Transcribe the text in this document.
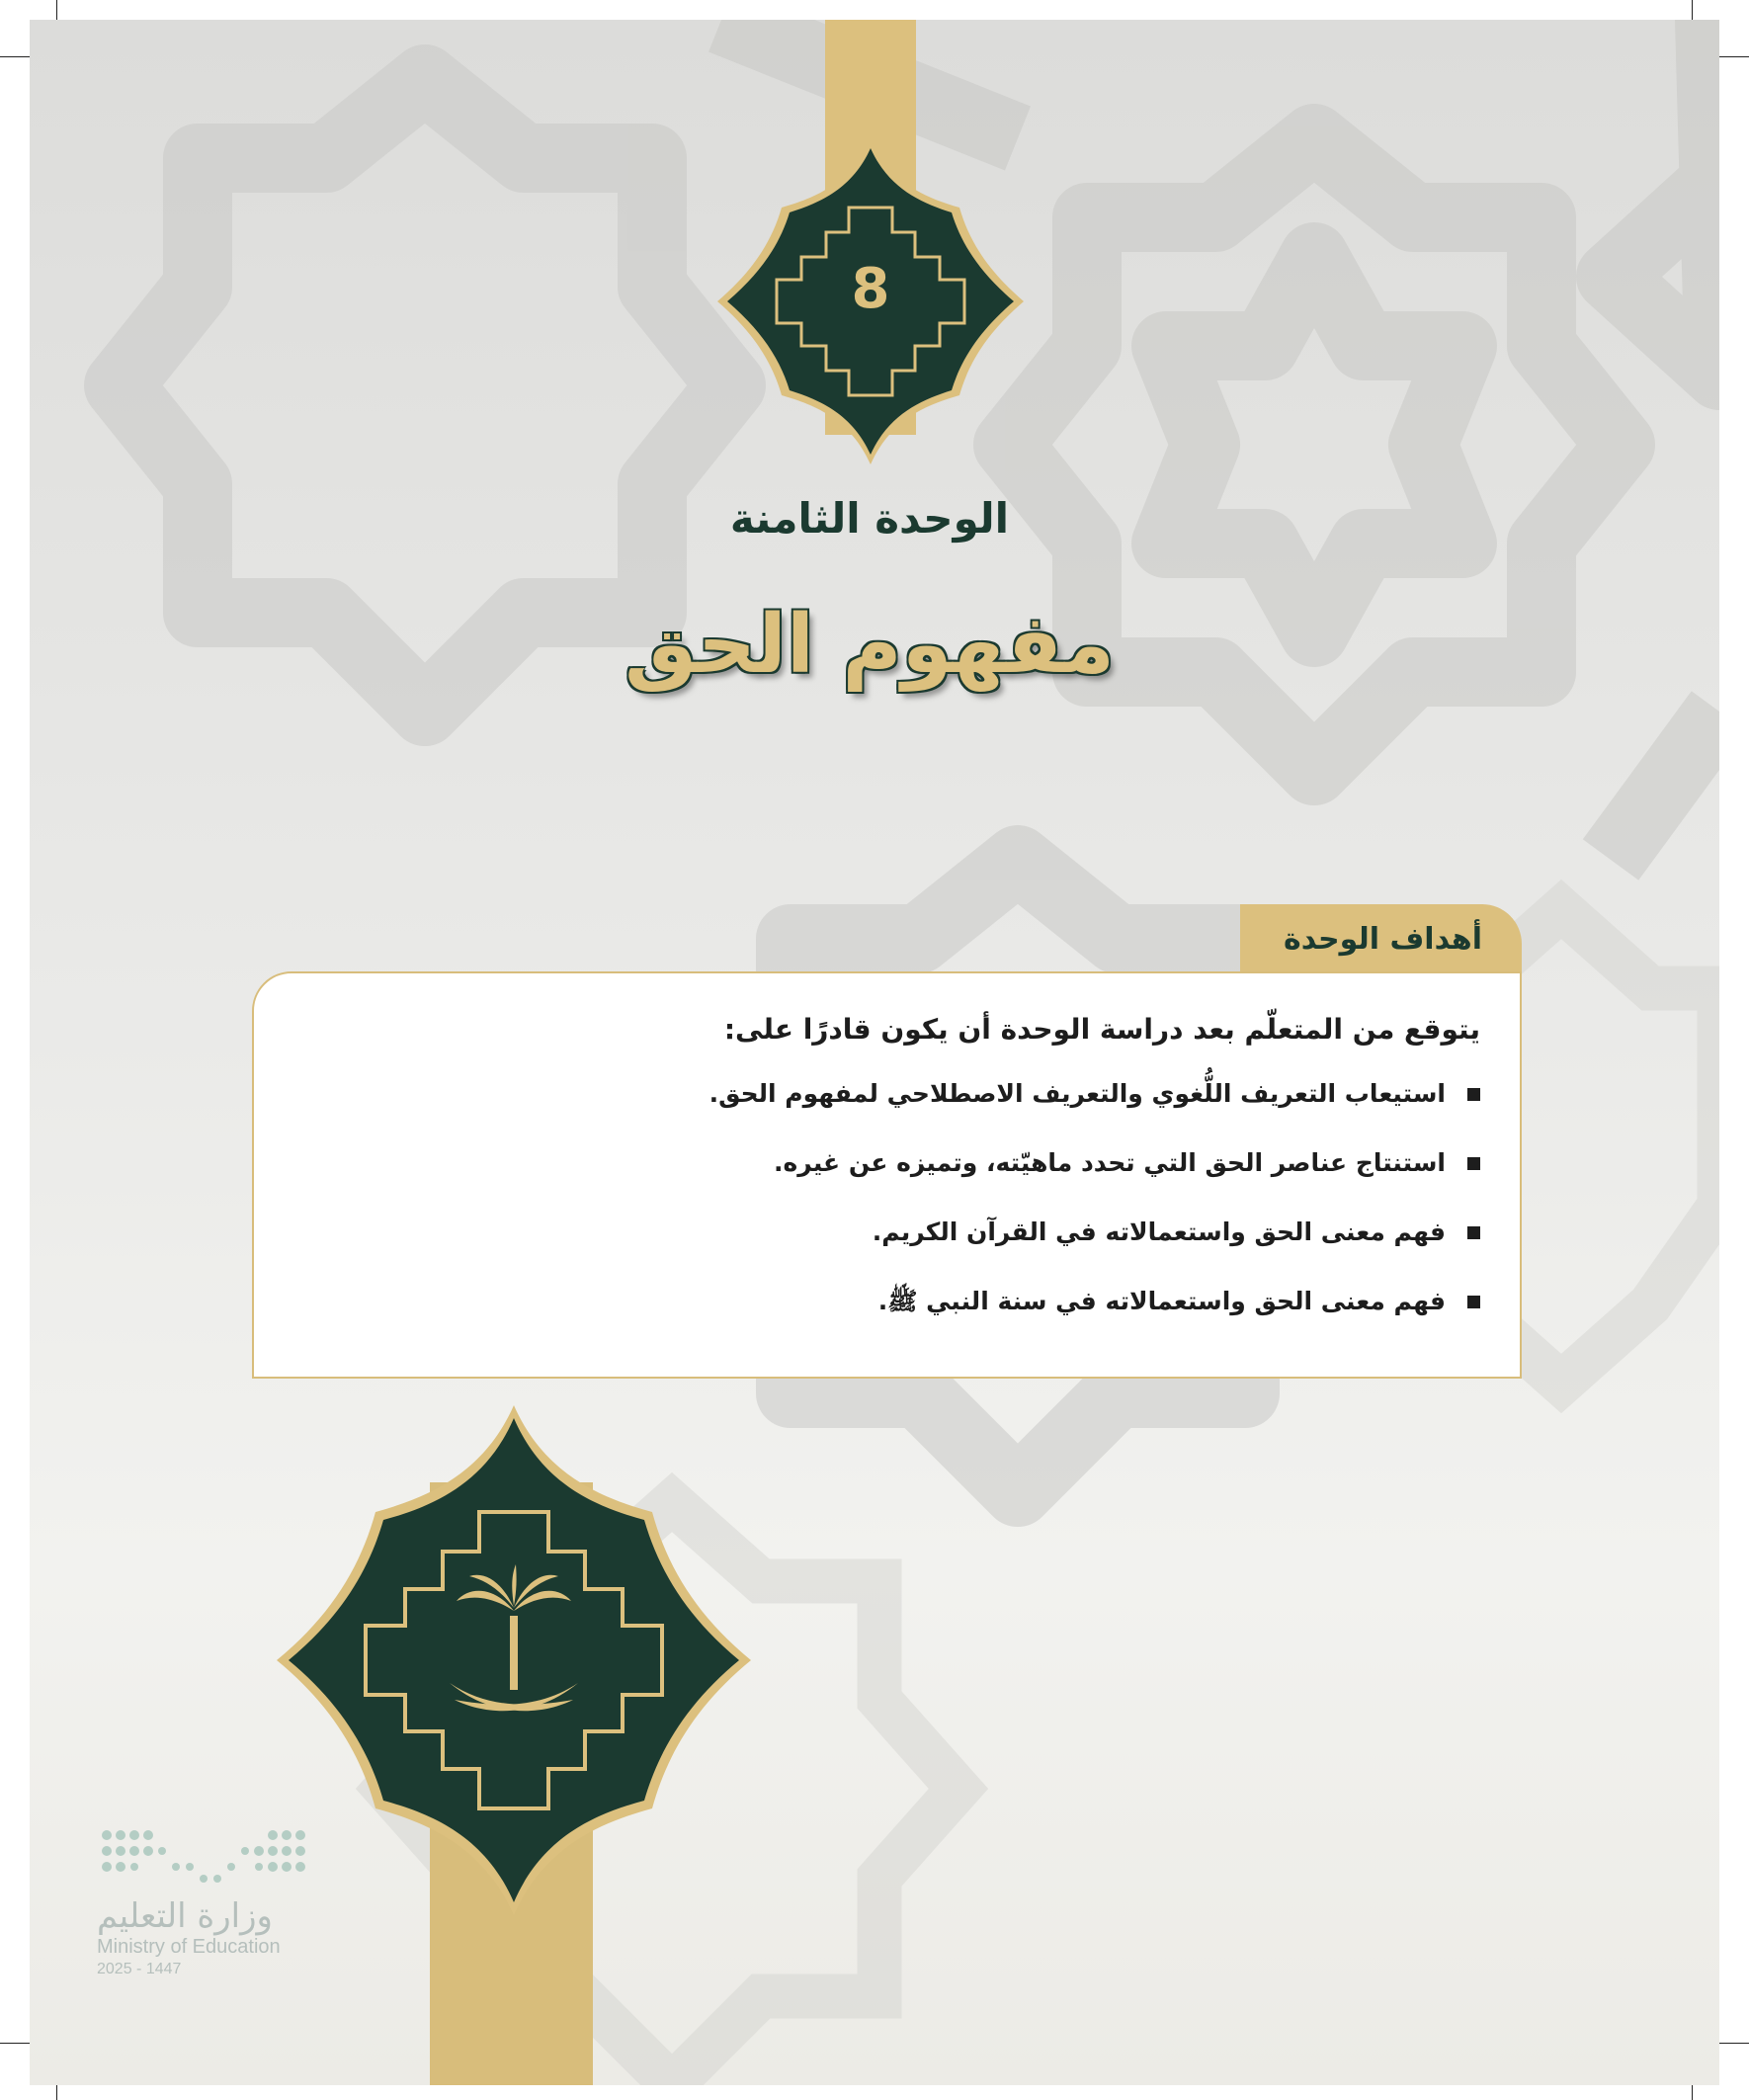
8
الوحدة الثامنة
مفهوم الحق
أهداف الوحدة
يتوقع من المتعلّم بعد دراسة الوحدة أن يكون قادرًا على:
استيعاب التعريف اللُّغوي والتعريف الاصطلاحي لمفهوم الحق.
استنتاج عناصر الحق التي تحدد ماهيّته، وتميزه عن غيره.
فهم معنى الحق واستعمالاته في القرآن الكريم.
فهم معنى الحق واستعمالاته في سنة النبي ﷺ.
وزارة التعليم
Ministry of Education
2025 - 1447
